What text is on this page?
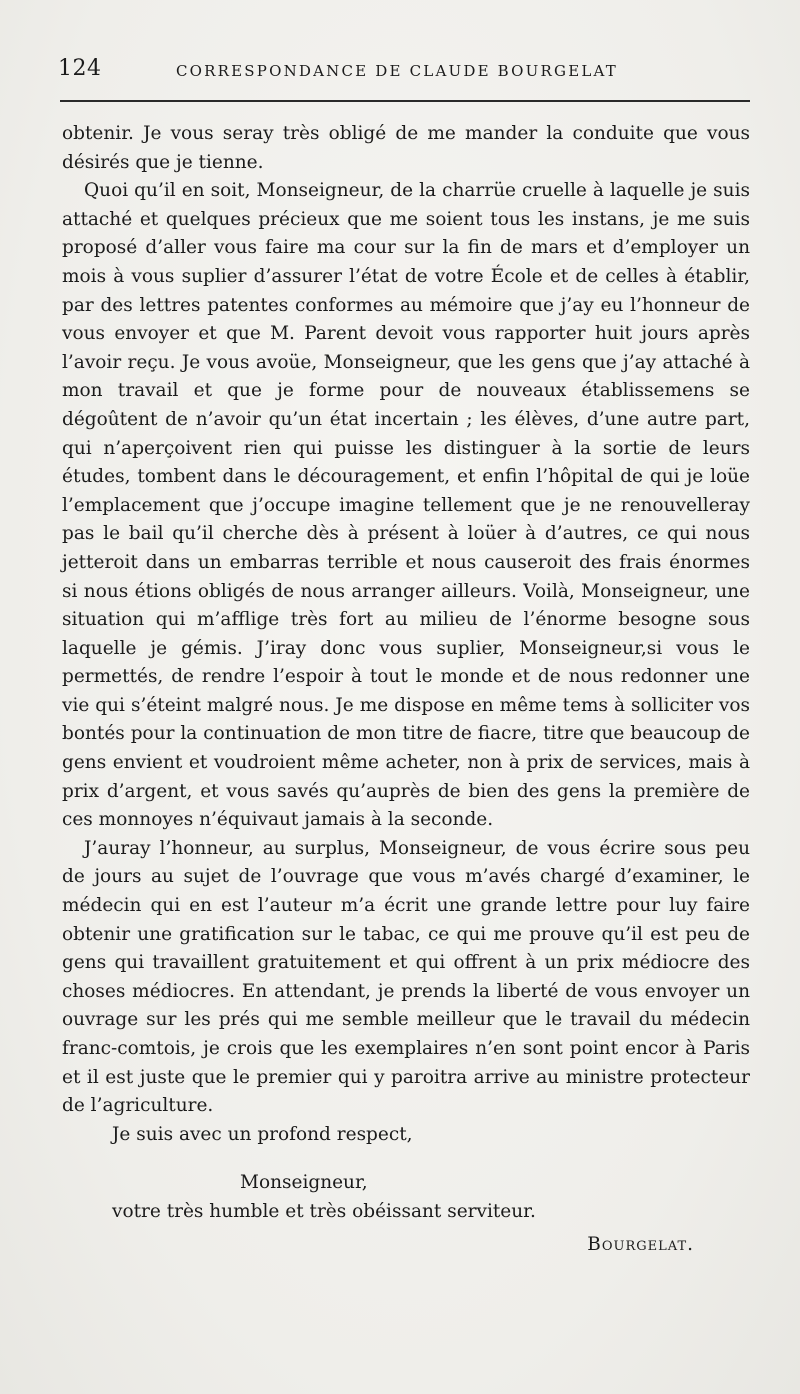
124	CORRESPONDANCE DE CLAUDE BOURGELAT

obtenir. Je vous seray très obligé de me mander la conduite que vous désirés que je tienne.

Quoi qu’il en soit, Monseigneur, de la charrüe cruelle à laquelle je suis attaché et quelques précieux que me soient tous les instans, je me suis proposé d’aller vous faire ma cour sur la fin de mars et d’employer un mois à vous suplier d’assurer l’état de votre École et de celles à établir, par des lettres patentes conformes au mémoire que j’ay eu l’honneur de vous envoyer et que M. Parent devoit vous rapporter huit jours après l’avoir reçu. Je vous avoüe, Monseigneur, que les gens que j’ay attaché à mon travail et que je forme pour de nouveaux établissemens se dégoûtent de n’avoir qu’un état incertain ; les élèves, d’une autre part, qui n’aperçoivent rien qui puisse les distinguer à la sortie de leurs études, tombent dans le découragement, et enfin l’hôpital de qui je loüe l’emplacement que j’occupe imagine tellement que je ne renouvelleray pas le bail qu’il cherche dès à présent à loüer à d’autres, ce qui nous jetteroit dans un embarras terrible et nous causeroit des frais énormes si nous étions obligés de nous arranger ailleurs. Voilà, Monseigneur, une situation qui m’afflige très fort au milieu de l’énorme besogne sous laquelle je gémis. J’iray donc vous suplier, Monseigneur,si vous le permettés, de rendre l’espoir à tout le monde et de nous redonner une vie qui s’éteint malgré nous. Je me dispose en même tems à solliciter vos bontés pour la continuation de mon titre de fiacre, titre que beaucoup de gens envient et voudroient même acheter, non à prix de services, mais à prix d’argent, et vous savés qu’auprès de bien des gens la première de ces monnoyes n’équivaut jamais à la seconde.

J’auray l’honneur, au surplus, Monseigneur, de vous écrire sous peu de jours au sujet de l’ouvrage que vous m’avés chargé d’examiner, le médecin qui en est l’auteur m’a écrit une grande lettre pour luy faire obtenir une gratification sur le tabac, ce qui me prouve qu’il est peu de gens qui travaillent gratuitement et qui offrent à un prix médiocre des choses médiocres. En attendant, je prends la liberté de vous envoyer un ouvrage sur les prés qui me semble meilleur que le travail du médecin franc-comtois, je crois que les exemplaires n’en sont point encor à Paris et il est juste que le premier qui y paroitra arrive au ministre protecteur de l’agriculture.

Je suis avec un profond respect,

Monseigneur,

votre très humble et très obéissant serviteur.

Bourgelat.
